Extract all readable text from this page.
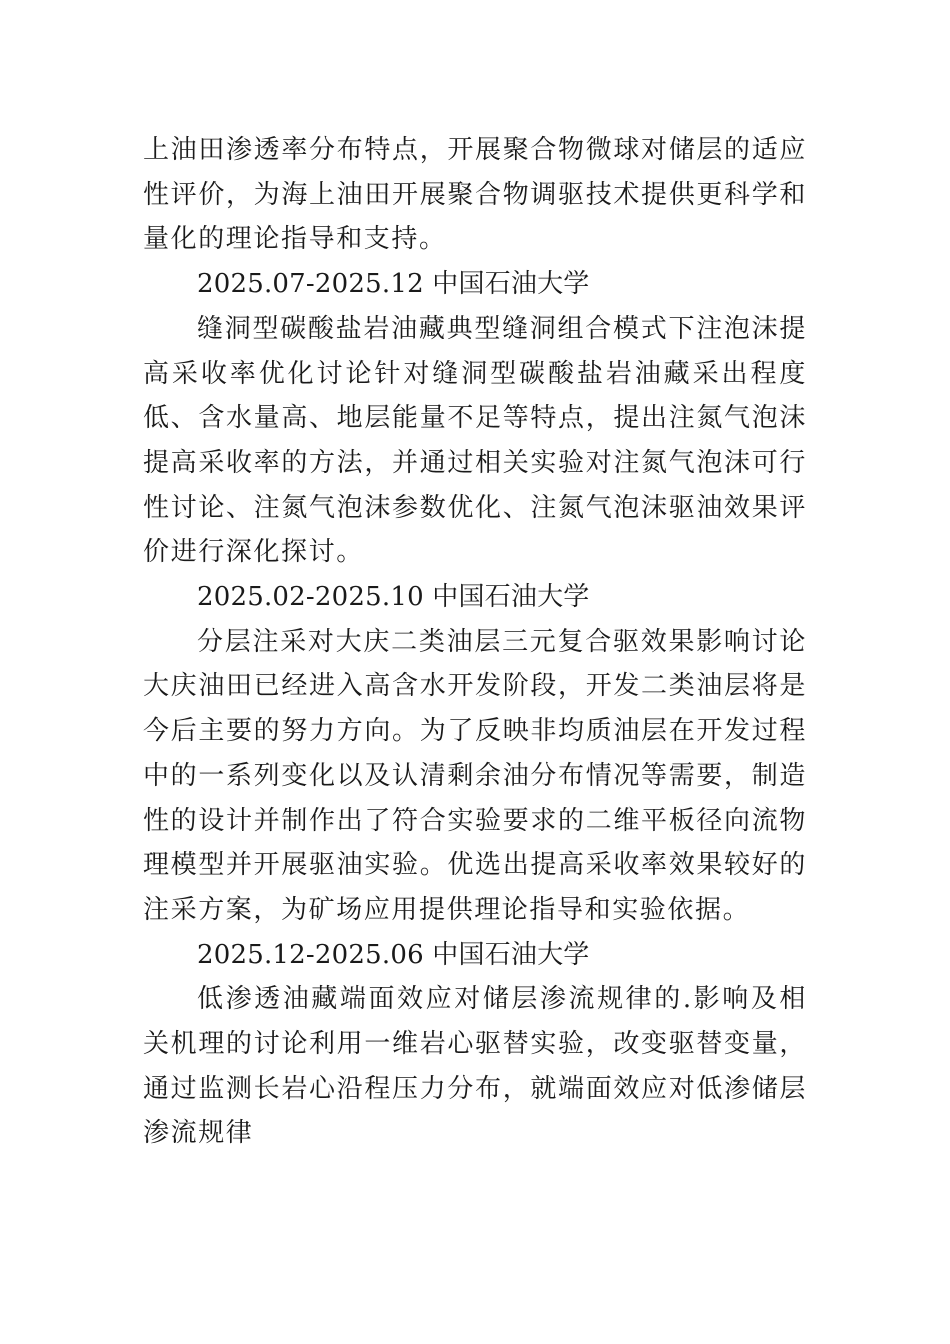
上油田渗透率分布特点，开展聚合物微球对储层的适应性评价，为海上油田开展聚合物调驱技术提供更科学和量化的理论指导和支持。

2025.07-2025.12 中国石油大学

缝洞型碳酸盐岩油藏典型缝洞组合模式下注泡沫提高采收率优化讨论针对缝洞型碳酸盐岩油藏采出程度低、含水量高、地层能量不足等特点，提出注氮气泡沫提高采收率的方法，并通过相关实验对注氮气泡沫可行性讨论、注氮气泡沫参数优化、注氮气泡沫驱油效果评价进行深化探讨。

2025.02-2025.10 中国石油大学

分层注采对大庆二类油层三元复合驱效果影响讨论大庆油田已经进入高含水开发阶段，开发二类油层将是今后主要的努力方向。为了反映非均质油层在开发过程中的一系列变化以及认清剩余油分布情况等需要，制造性的设计并制作出了符合实验要求的二维平板径向流物理模型并开展驱油实验。优选出提高采收率效果较好的注采方案，为矿场应用提供理论指导和实验依据。

2025.12-2025.06 中国石油大学

低渗透油藏端面效应对储层渗流规律的.影响及相关机理的讨论利用一维岩心驱替实验，改变驱替变量，通过监测长岩心沿程压力分布，就端面效应对低渗储层渗流规律
